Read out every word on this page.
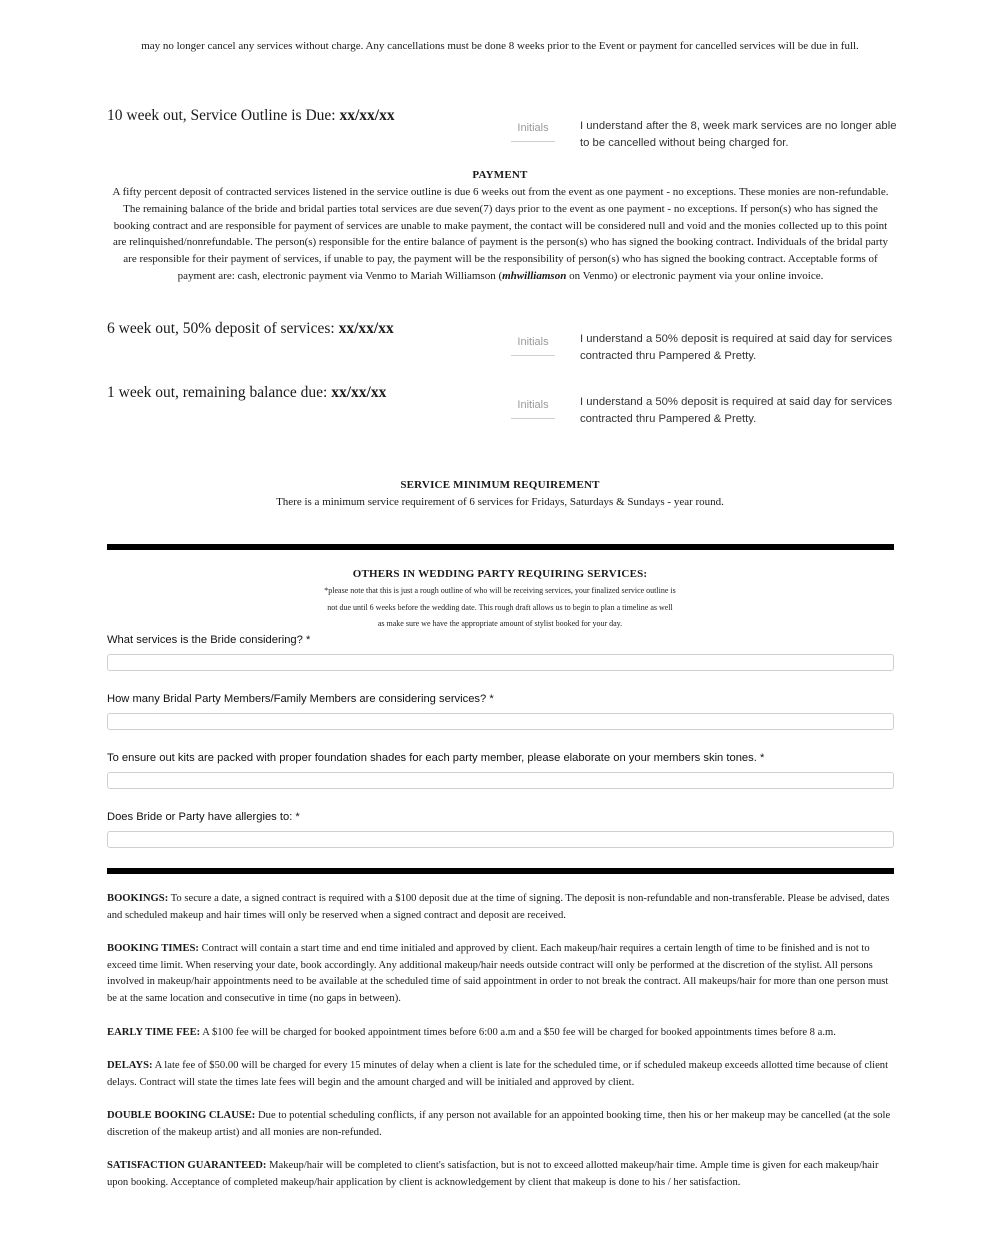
may no longer cancel any services without charge. Any cancellations must be done 8 weeks prior to the Event or payment for cancelled services will be due in full.
10 week out, Service Outline is Due: xx/xx/xx
Initials	I understand after the 8, week mark services are no longer able to be cancelled without being charged for.
PAYMENT
A fifty percent deposit of contracted services listened in the service outline is due 6 weeks out from the event as one payment - no exceptions. These monies are non-refundable. The remaining balance of the bride and bridal parties total services are due seven(7) days prior to the event as one payment - no exceptions. If person(s) who has signed the booking contract and are responsible for payment of services are unable to make payment, the contact will be considered null and void and the monies collected up to this point are relinquished/nonrefundable. The person(s) responsible for the entire balance of payment is the person(s) who has signed the booking contract. Individuals of the bridal party are responsible for their payment of services, if unable to pay, the payment will be the responsibility of person(s) who has signed the booking contract. Acceptable forms of payment are: cash, electronic payment via Venmo to Mariah Williamson (mhwilliamson on Venmo) or electronic payment via your online invoice.
6 week out, 50% deposit of services: xx/xx/xx
Initials	I understand a 50% deposit is required at said day for services contracted thru Pampered & Pretty.
1 week out, remaining balance due: xx/xx/xx
Initials	I understand a 50% deposit is required at said day for services contracted thru Pampered & Pretty.
SERVICE MINIMUM REQUIREMENT
There is a minimum service requirement of 6 services for Fridays, Saturdays & Sundays - year round.
OTHERS IN WEDDING PARTY REQUIRING SERVICES:
*please note that this is just a rough outline of who will be receiving services, your finalized service outline is
not due until 6 weeks before the wedding date. This rough draft allows us to begin to plan a timeline as well
as make sure we have the appropriate amount of stylist booked for your day.
What services is the Bride considering? *
How many Bridal Party Members/Family Members are considering services? *
To ensure out kits are packed with proper foundation shades for each party member, please elaborate on your members skin tones. *
Does Bride or Party have allergies to: *
BOOKINGS: To secure a date, a signed contract is required with a $100 deposit due at the time of signing. The deposit is non-refundable and non-transferable. Please be advised, dates and scheduled makeup and hair times will only be reserved when a signed contract and deposit are received.
BOOKING TIMES: Contract will contain a start time and end time initialed and approved by client. Each makeup/hair requires a certain length of time to be finished and is not to exceed time limit. When reserving your date, book accordingly. Any additional makeup/hair needs outside contract will only be performed at the discretion of the stylist. All persons involved in makeup/hair appointments need to be available at the scheduled time of said appointment in order to not break the contract. All makeups/hair for more than one person must be at the same location and consecutive in time (no gaps in between).
EARLY TIME FEE: A $100 fee will be charged for booked appointment times before 6:00 a.m and a $50 fee will be charged for booked appointments times before 8 a.m.
DELAYS: A late fee of $50.00 will be charged for every 15 minutes of delay when a client is late for the scheduled time, or if scheduled makeup exceeds allotted time because of client delays. Contract will state the times late fees will begin and the amount charged and will be initialed and approved by client.
DOUBLE BOOKING CLAUSE: Due to potential scheduling conflicts, if any person not available for an appointed booking time, then his or her makeup may be cancelled (at the sole discretion of the makeup artist) and all monies are non-refunded.
SATISFACTION GUARANTEED: Makeup/hair will be completed to client's satisfaction, but is not to exceed allotted makeup/hair time. Ample time is given for each makeup/hair upon booking. Acceptance of completed makeup/hair application by client is acknowledgement by client that makeup is done to his / her satisfaction.
